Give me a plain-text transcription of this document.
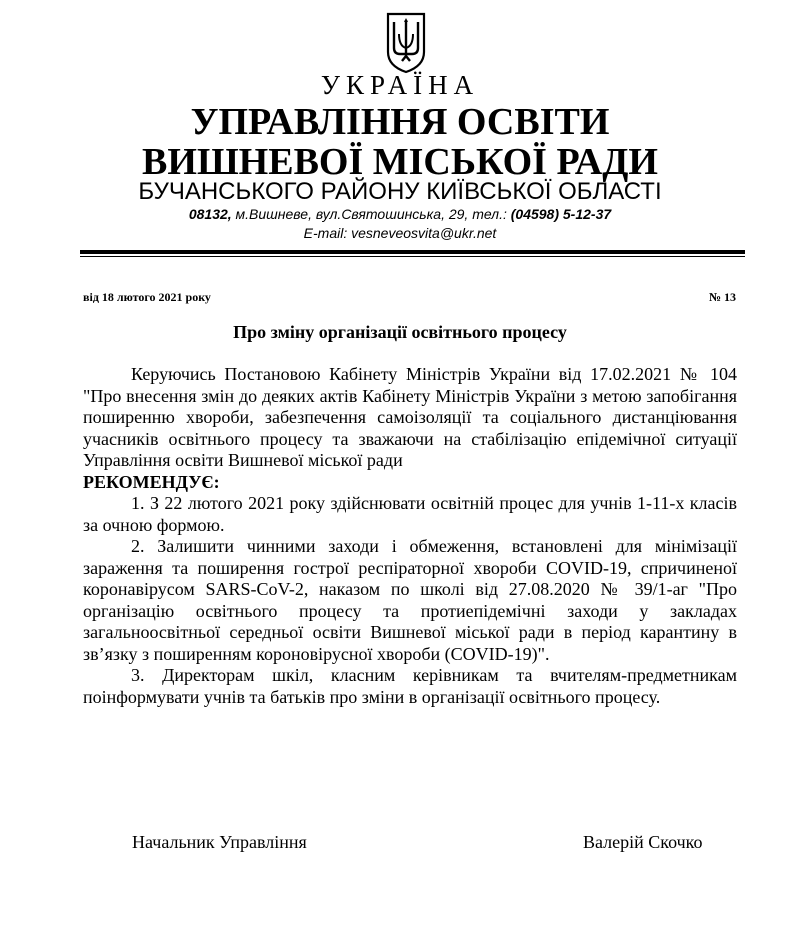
УКРАЇНА
УПРАВЛІННЯ ОСВІТИ
ВИШНЕВОЇ МІСЬКОЇ РАДИ
БУЧАНСЬКОГО РАЙОНУ КИЇВСЬКОЇ ОБЛАСТІ
08132, м.Вишневе, вул.Святошинська, 29, тел.: (04598) 5-12-37
E-mail: vesneveosvita@ukr.net
від 18 лютого 2021 року	№ 13
Про зміну організації освітнього процесу

Керуючись Постановою Кабінету Міністрів України від 17.02.2021 № 104 "Про внесення змін до деяких актів Кабінету Міністрів України з метою запобігання поширенню хвороби, забезпечення самоізоляції та соціального дистанціювання учасників освітнього процесу та зважаючи на стабілізацію епідемічної ситуації Управління освіти Вишневої міської ради

РЕКОМЕНДУЄ:

1. З 22 лютого 2021 року здійснювати освітній процес для учнів 1-11-х класів за очною формою.

2. Залишити чинними заходи і обмеження, встановлені для мінімізації зараження та поширення гострої респіраторної хвороби COVID-19, спричиненої коронавірусом SARS-CoV-2, наказом по школі від 27.08.2020 № 39/1-аг "Про організацію освітнього процесу та протиепідемічні заходи у закладах загальноосвітньої середньої освіти Вишневої міської ради в період карантину в зв’язку з поширенням короновірусної хвороби (COVID-19)".

3. Директорам шкіл, класним керівникам та вчителям-предметникам поінформувати учнів та батьків про зміни в організації освітнього процесу.

Начальник Управління	Валерій Скочко
